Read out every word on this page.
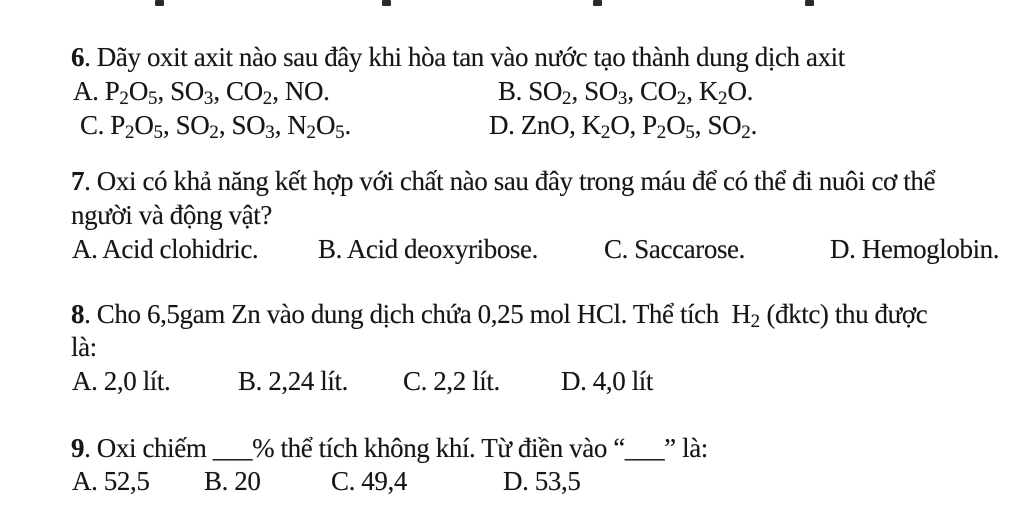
6. Dãy oxit axit nào sau đây khi hòa tan vào nước tạo thành dung dịch axit
A. $P_2O_5$, $SO_3$, $CO_2$, NO.	B. $SO_2$, $SO_3$, $CO_2$, $K_2O$.
C. $P_2O_5$, $SO_2$, $SO_3$, $N_2O_5$.	D. ZnO, $K_2O$, $P_2O_5$, $SO_2$.
7. Oxi có khả năng kết hợp với chất nào sau đây trong máu để có thể đi nuôi cơ thể
người và động vật?
A. Acid clohidric. B. Acid deoxyribose. C. Saccarose.	D. Hemoglobin.
8. Cho 6,5gam Zn vào dung dịch chứa 0,25 mol HCl. Thể tích  $H_2$ (đktc) thu được
là:
A. 2,0 lít.	B. 2,24 lít. C. 2,2 lít. D. 4,0 lít
9. Oxi chiếm ___% thể tích không khí. Từ điền vào “___” là:
A. 52,5 B. 20	C. 49,4	D. 53,5
